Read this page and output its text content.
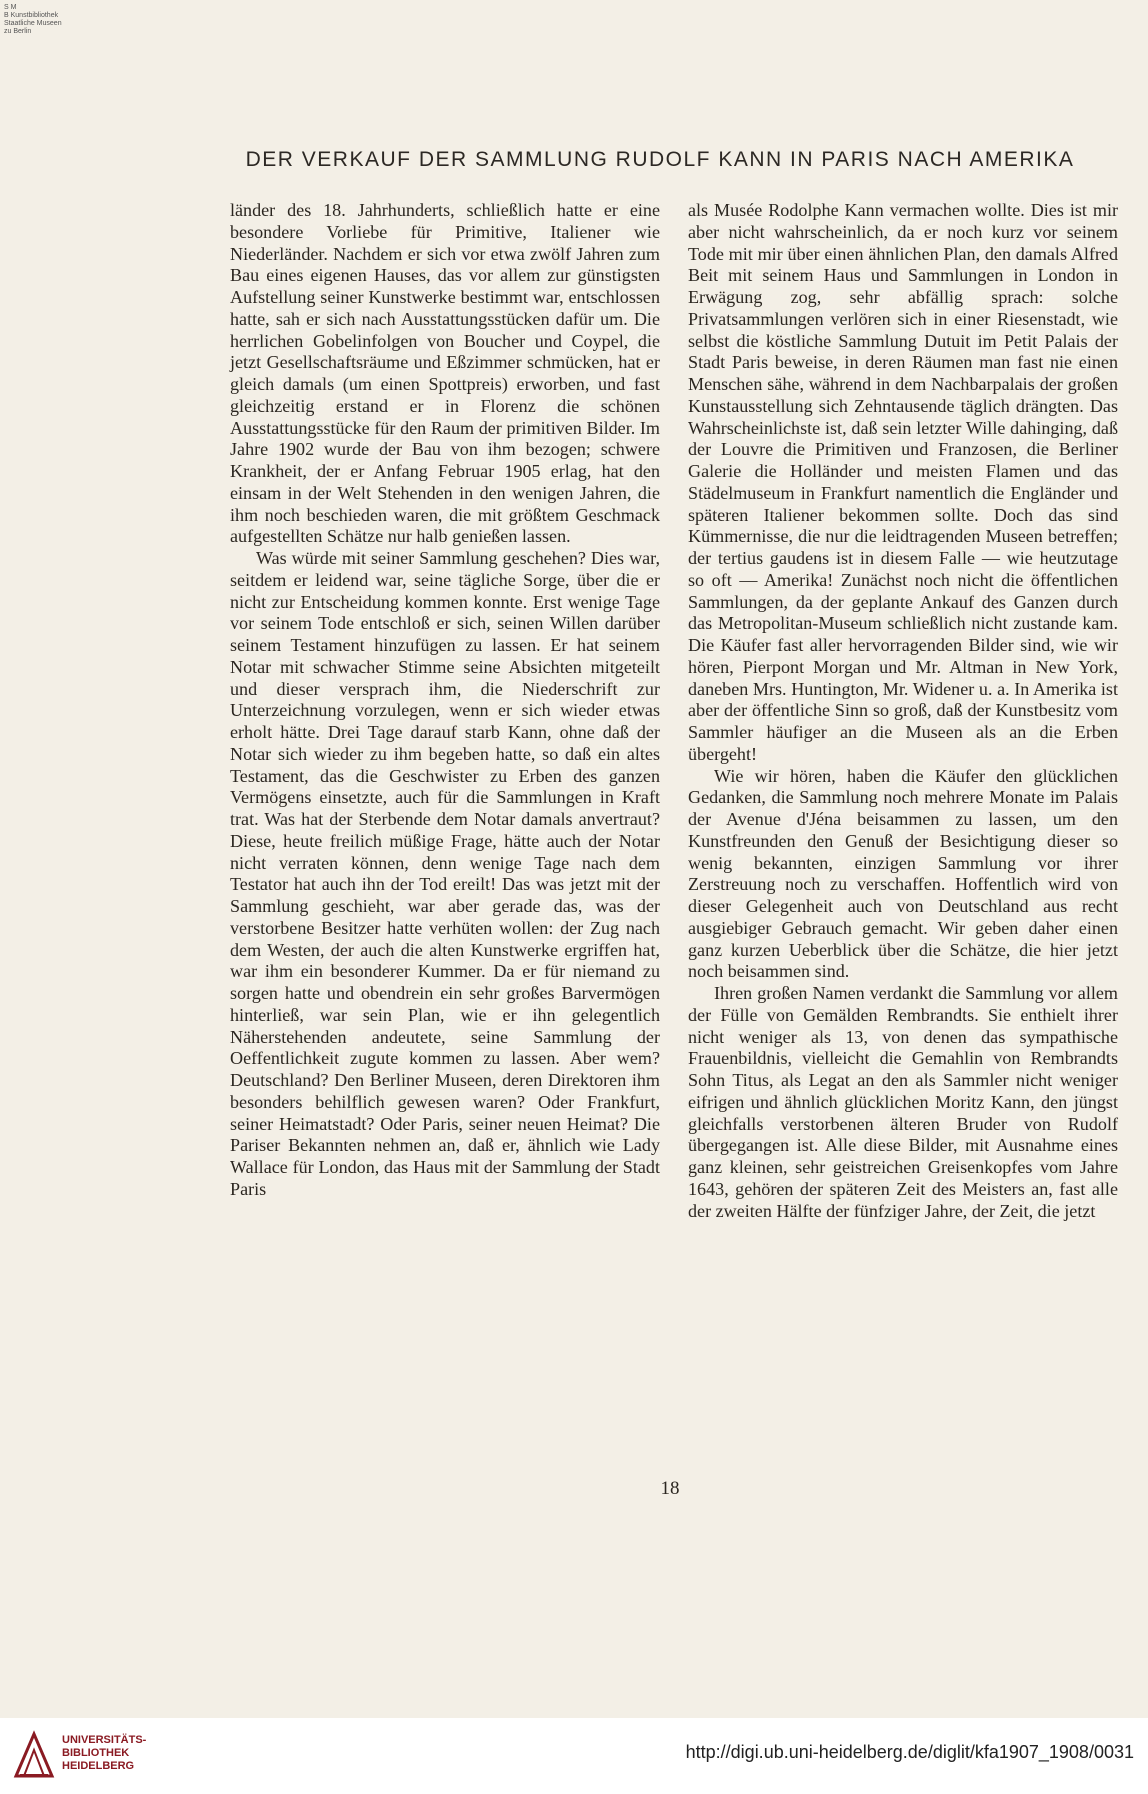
S M
B Kunstbibliothek
Staatliche Museen
zu Berlin
DER VERKAUF DER SAMMLUNG RUDOLF KANN IN PARIS NACH AMERIKA

länder des 18. Jahrhunderts, schließlich hatte er eine besondere Vorliebe für Primitive, Italiener wie Niederländer. Nachdem er sich vor etwa zwölf Jahren zum Bau eines eigenen Hauses, das vor allem zur günstigsten Aufstellung seiner Kunstwerke bestimmt war, entschlossen hatte, sah er sich nach Ausstattungsstücken dafür um. Die herrlichen Gobelinfolgen von Boucher und Coypel, die jetzt Gesellschaftsräume und Eßzimmer schmücken, hat er gleich damals (um einen Spottpreis) erworben, und fast gleichzeitig erstand er in Florenz die schönen Ausstattungsstücke für den Raum der primitiven Bilder. Im Jahre 1902 wurde der Bau von ihm bezogen; schwere Krankheit, der er Anfang Februar 1905 erlag, hat den einsam in der Welt Stehenden in den wenigen Jahren, die ihm noch beschieden waren, die mit größtem Geschmack aufgestellten Schätze nur halb genießen lassen.

Was würde mit seiner Sammlung geschehen? Dies war, seitdem er leidend war, seine tägliche Sorge, über die er nicht zur Entscheidung kommen konnte. Erst wenige Tage vor seinem Tode entschloß er sich, seinen Willen darüber seinem Testament hinzufügen zu lassen. Er hat seinem Notar mit schwacher Stimme seine Absichten mitgeteilt und dieser versprach ihm, die Niederschrift zur Unterzeichnung vorzulegen, wenn er sich wieder etwas erholt hätte. Drei Tage darauf starb Kann, ohne daß der Notar sich wieder zu ihm begeben hatte, so daß ein altes Testament, das die Geschwister zu Erben des ganzen Vermögens einsetzte, auch für die Sammlungen in Kraft trat. Was hat der Sterbende dem Notar damals anvertraut? Diese, heute freilich müßige Frage, hätte auch der Notar nicht verraten können, denn wenige Tage nach dem Testator hat auch ihn der Tod ereilt! Das was jetzt mit der Sammlung geschieht, war aber gerade das, was der verstorbene Besitzer hatte verhüten wollen: der Zug nach dem Westen, der auch die alten Kunstwerke ergriffen hat, war ihm ein besonderer Kummer. Da er für niemand zu sorgen hatte und obendrein ein sehr großes Barvermögen hinterließ, war sein Plan, wie er ihn gelegentlich Näherstehenden andeutete, seine Sammlung der Oeffentlichkeit zugute kommen zu lassen. Aber wem? Deutschland? Den Berliner Museen, deren Direktoren ihm besonders behilflich gewesen waren? Oder Frankfurt, seiner Heimatstadt? Oder Paris, seiner neuen Heimat? Die Pariser Bekannten nehmen an, daß er, ähnlich wie Lady Wallace für London, das Haus mit der Sammlung der Stadt Paris

als Musée Rodolphe Kann vermachen wollte. Dies ist mir aber nicht wahrscheinlich, da er noch kurz vor seinem Tode mit mir über einen ähnlichen Plan, den damals Alfred Beit mit seinem Haus und Sammlungen in London in Erwägung zog, sehr abfällig sprach: solche Privatsammlungen verlören sich in einer Riesenstadt, wie selbst die köstliche Sammlung Dutuit im Petit Palais der Stadt Paris beweise, in deren Räumen man fast nie einen Menschen sähe, während in dem Nachbarpalais der großen Kunstausstellung sich Zehntausende täglich drängten. Das Wahrscheinlichste ist, daß sein letzter Wille dahinging, daß der Louvre die Primitiven und Franzosen, die Berliner Galerie die Holländer und meisten Flamen und das Städelmuseum in Frankfurt namentlich die Engländer und späteren Italiener bekommen sollte. Doch das sind Kümmernisse, die nur die leidtragenden Museen betreffen; der tertius gaudens ist in diesem Falle — wie heutzutage so oft — Amerika! Zunächst noch nicht die öffentlichen Sammlungen, da der geplante Ankauf des Ganzen durch das Metropolitan-Museum schließlich nicht zustande kam. Die Käufer fast aller hervorragenden Bilder sind, wie wir hören, Pierpont Morgan und Mr. Altman in New York, daneben Mrs. Huntington, Mr. Widener u. a. In Amerika ist aber der öffentliche Sinn so groß, daß der Kunstbesitz vom Sammler häufiger an die Museen als an die Erben übergeht!

Wie wir hören, haben die Käufer den glücklichen Gedanken, die Sammlung noch mehrere Monate im Palais der Avenue d'Jéna beisammen zu lassen, um den Kunstfreunden den Genuß der Besichtigung dieser so wenig bekannten, einzigen Sammlung vor ihrer Zerstreuung noch zu verschaffen. Hoffentlich wird von dieser Gelegenheit auch von Deutschland aus recht ausgiebiger Gebrauch gemacht. Wir geben daher einen ganz kurzen Ueberblick über die Schätze, die hier jetzt noch beisammen sind.

Ihren großen Namen verdankt die Sammlung vor allem der Fülle von Gemälden Rembrandts. Sie enthielt ihrer nicht weniger als 13, von denen das sympathische Frauenbildnis, vielleicht die Gemahlin von Rembrandts Sohn Titus, als Legat an den als Sammler nicht weniger eifrigen und ähnlich glücklichen Moritz Kann, den jüngst gleichfalls verstorbenen älteren Bruder von Rudolf übergegangen ist. Alle diese Bilder, mit Ausnahme eines ganz kleinen, sehr geistreichen Greisenkopfes vom Jahre 1643, gehören der späteren Zeit des Meisters an, fast alle der zweiten Hälfte der fünfziger Jahre, der Zeit, die jetzt

18
UNIVERSITÄTS-
BIBLIOTHEK
HEIDELBERG
http://digi.ub.uni-heidelberg.de/diglit/kfa1907_1908/0031
